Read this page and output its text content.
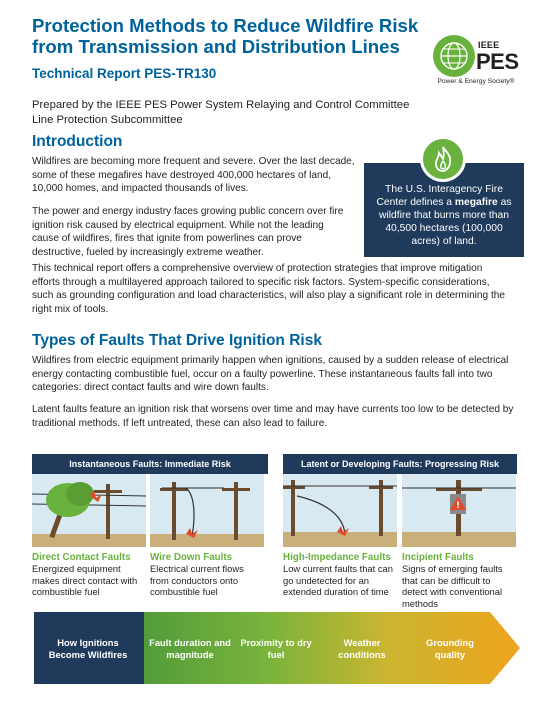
Protection Methods to Reduce Wildfire Risk from Transmission and Distribution Lines
Technical Report PES-TR130
IEEE
PES
Power & Energy Society®
Prepared by the IEEE PES Power System Relaying and Control Committee
Line Protection Subcommittee
Introduction
Wildfires are becoming more frequent and severe. Over the last decade, some of these megafires have destroyed 400,000 hectares of land, 10,000 homes, and impacted thousands of lives.
The power and energy industry faces growing public concern over fire ignition risk caused by electrical equipment. While not the leading cause of wildfires, fires that ignite from powerlines can prove destructive, fueled by increasingly extreme weather.
This technical report offers a comprehensive overview of protection strategies that improve mitigation efforts through a multilayered approach tailored to specific risk factors. System-specific considerations, such as grounding configuration and load characteristics, will also play a significant role in determining the right mix of tools.
The U.S. Interagency Fire Center defines a megafire as wildfire that burns more than 40,500 hectares (100,000 acres) of land.
Types of Faults That Drive Ignition Risk
Wildfires from electric equipment primarily happen when ignitions, caused by a sudden release of electrical energy contacting combustible fuel, occur on a faulty powerline. These instantaneous faults fall into two categories: direct contact faults and wire down faults.
Latent faults feature an ignition risk that worsens over time and may have currents too low to be detected by traditional methods. If left untreated, these can also lead to failure.
Instantaneous Faults: Immediate Risk	Latent or Developing Faults: Progressing Risk
!
Direct Contact Faults
Energized equipment makes direct contact with combustible fuel
Wire Down Faults
Electrical current flows from conductors onto combustible fuel
High-Impedance Faults
Low current faults that can go undetected for an extended duration of time
Incipient Faults
Signs of emerging faults that can be difficult to detect with conventional methods
How Ignitions Become Wildfires
Fault duration and magnitude
Proximity to dry fuel
Weather conditions
Grounding quality
